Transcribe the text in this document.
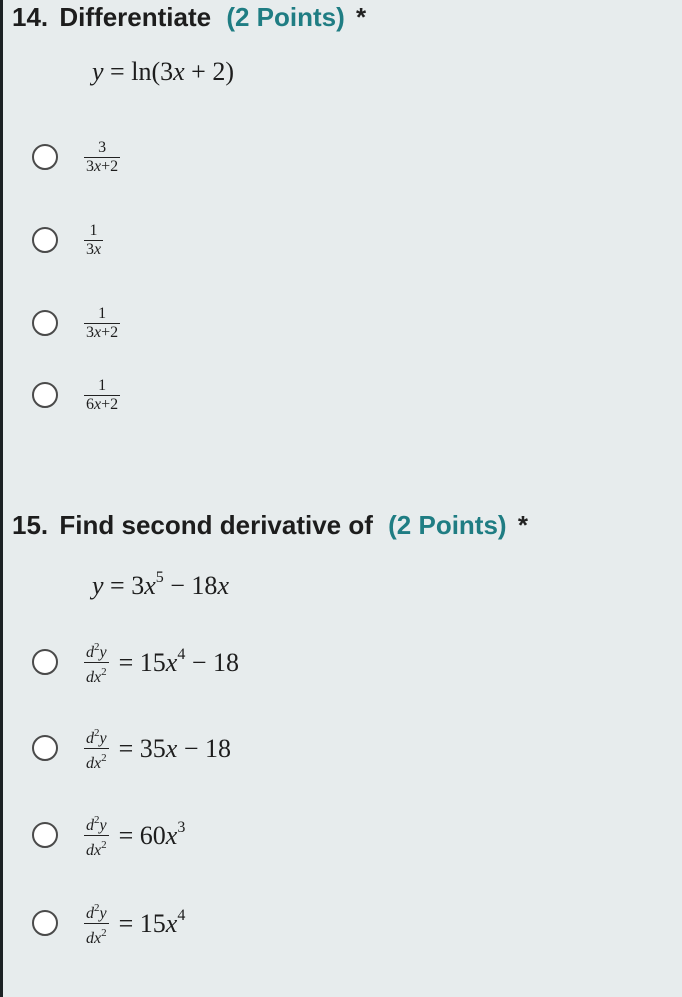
14. Differentiate (2 Points) *
y = ln(3x + 2)
$\frac{3}{3x+2}$
$\frac{1}{3x}$
$\frac{1}{3x+2}$
$\frac{1}{6x+2}$
15. Find second derivative of (2 Points) *
$y = 3x^5 - 18x$
$\frac{d^2y}{dx^2} = 15x^4 - 18$
$\frac{d^2y}{dx^2} = 35x - 18$
$\frac{d^2y}{dx^2} = 60x^3$
$\frac{d^2y}{dx^2} = 15x^4$
